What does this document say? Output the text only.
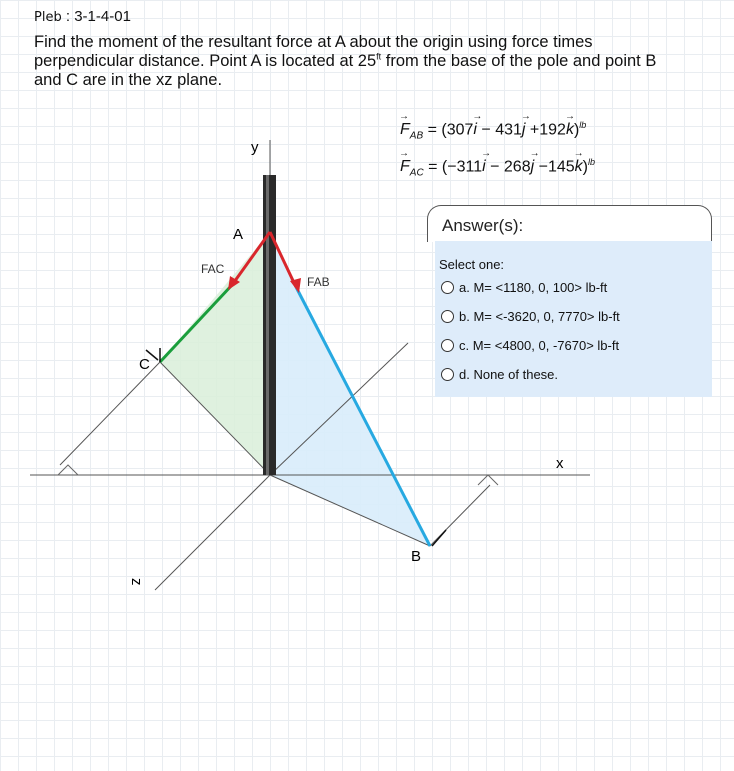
Pleb : 3-1-4-01
Find the moment of the resultant force at A about the origin using force times
perpendicular distance. Point A is located at $25^{ft}$ from the base of the pole and point B
and C are in the xz plane.
y
x
z
A
B
C
FAC
FAB
→ $F_{AB} = (307\to i - 431\to j +192\to k)^{lb}$
→ $F_{AC} = (-311\to i - 268\to j -145\to k)^{lb}$
Answer(s):
Select one:
a. M= <1180, 0, 100> lb-ft
b. M= <-3620, 0, 7770> lb-ft
c. M= <4800, 0, -7670> lb-ft
d. None of these.
